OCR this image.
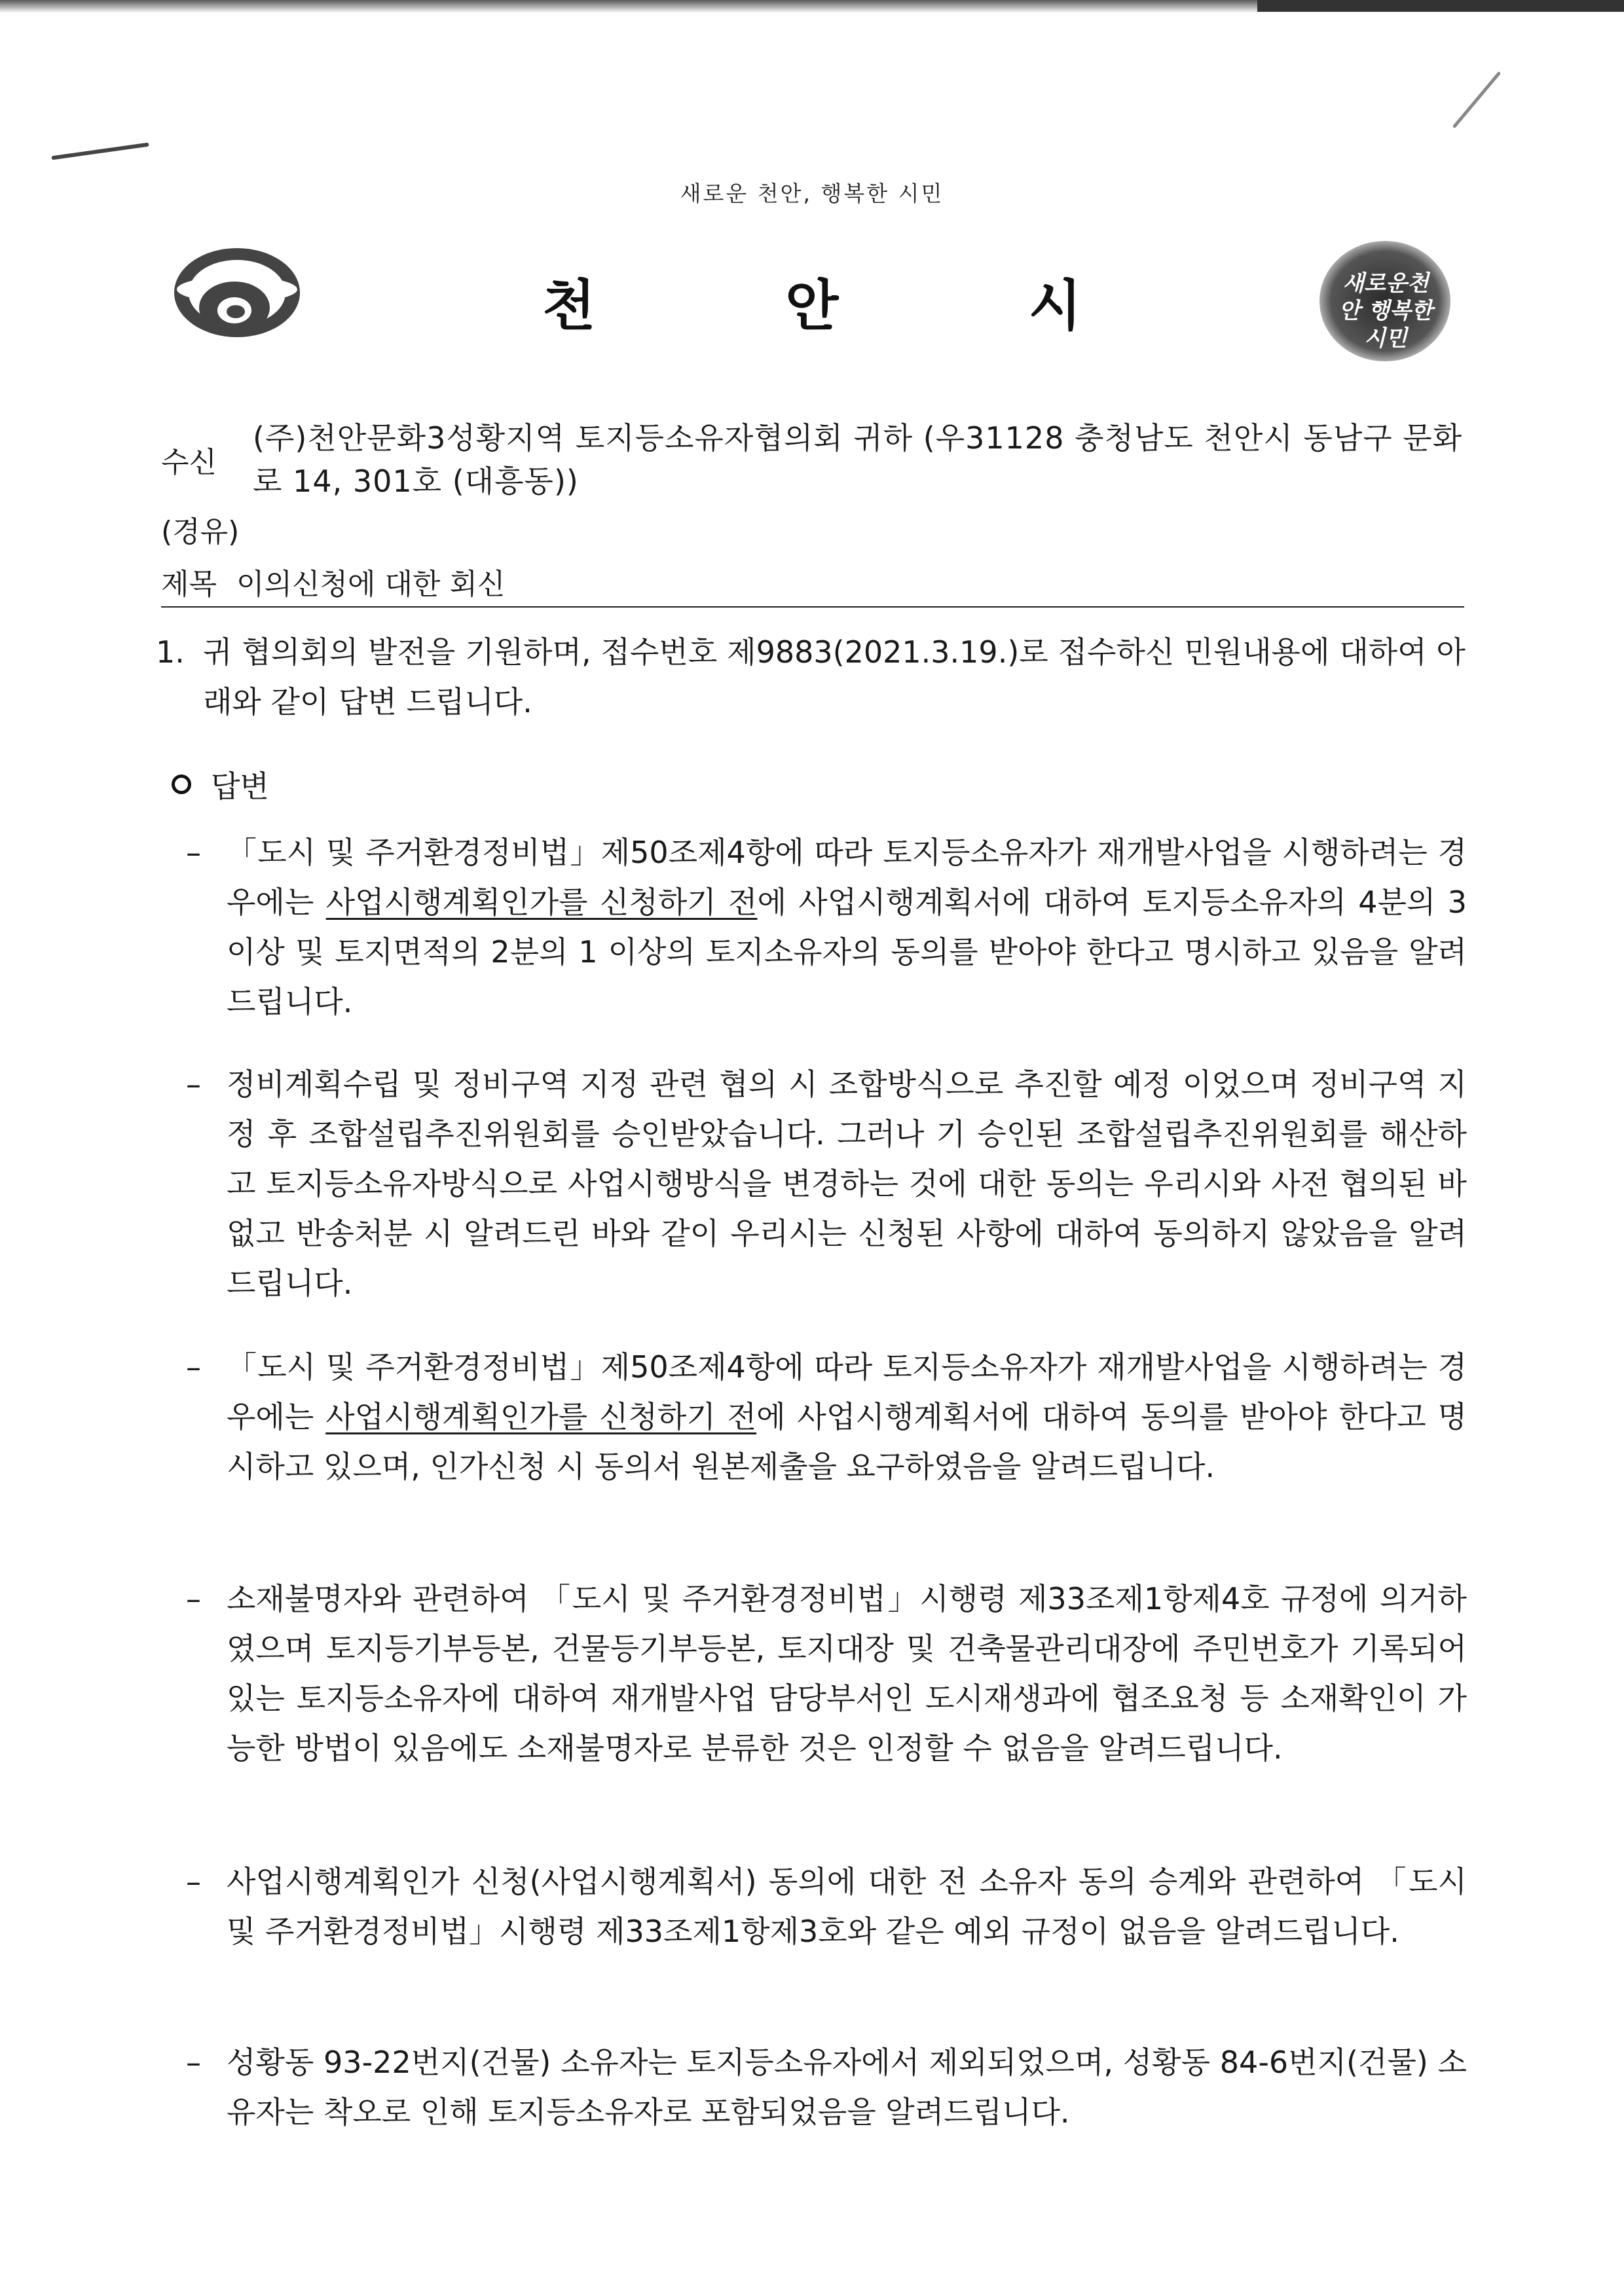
새로운 천안, 행복한 시민
천	안	시	새로운천안 행복한시민
수신
(주)천안문화3성황지역 토지등소유자협의회 귀하 (우31128 충청남도 천안시 동남구 문화로 14, 301호 (대흥동))
(경유)
제목 이의신청에 대한 회신
1. 귀 협의회의 발전을 기원하며, 접수번호 제9883(2021.3.19.)로 접수하신 민원내용에 대하여 아래와 같이 답변 드립니다.
답변
– 「도시 및 주거환경정비법」제50조제4항에 따라 토지등소유자가 재개발사업을 시행하려는 경우에는 사업시행계획인가를 신청하기 전에 사업시행계획서에 대하여 토지등소유자의 4분의 3 이상 및 토지면적의 2분의 1 이상의 토지소유자의 동의를 받아야 한다고 명시하고 있음을 알려드립니다.
– 정비계획수립 및 정비구역 지정 관련 협의 시 조합방식으로 추진할 예정 이었으며 정비구역 지정 후 조합설립추진위원회를 승인받았습니다. 그러나 기 승인된 조합설립추진위원회를 해산하고 토지등소유자방식으로 사업시행방식을 변경하는 것에 대한 동의는 우리시와 사전 협의된 바 없고 반송처분 시 알려드린 바와 같이 우리시는 신청된 사항에 대하여 동의하지 않았음을 알려드립니다.
– 「도시 및 주거환경정비법」제50조제4항에 따라 토지등소유자가 재개발사업을 시행하려는 경우에는 사업시행계획인가를 신청하기 전에 사업시행계획서에 대하여 동의를 받아야 한다고 명시하고 있으며, 인가신청 시 동의서 원본제출을 요구하였음을 알려드립니다.
– 소재불명자와 관련하여 「도시 및 주거환경정비법」시행령 제33조제1항제4호 규정에 의거하였으며 토지등기부등본, 건물등기부등본, 토지대장 및 건축물관리대장에 주민번호가 기록되어있는 토지등소유자에 대하여 재개발사업 담당부서인 도시재생과에 협조요청 등 소재확인이 가능한 방법이 있음에도 소재불명자로 분류한 것은 인정할 수 없음을 알려드립니다.
– 사업시행계획인가 신청(사업시행계획서) 동의에 대한 전 소유자 동의 승계와 관련하여 「도시 및 주거환경정비법」시행령 제33조제1항제3호와 같은 예외 규정이 없음을 알려드립니다.
– 성황동 93-22번지(건물) 소유자는 토지등소유자에서 제외되었으며, 성황동 84-6번지(건물) 소유자는 착오로 인해 토지등소유자로 포함되었음을 알려드립니다.
